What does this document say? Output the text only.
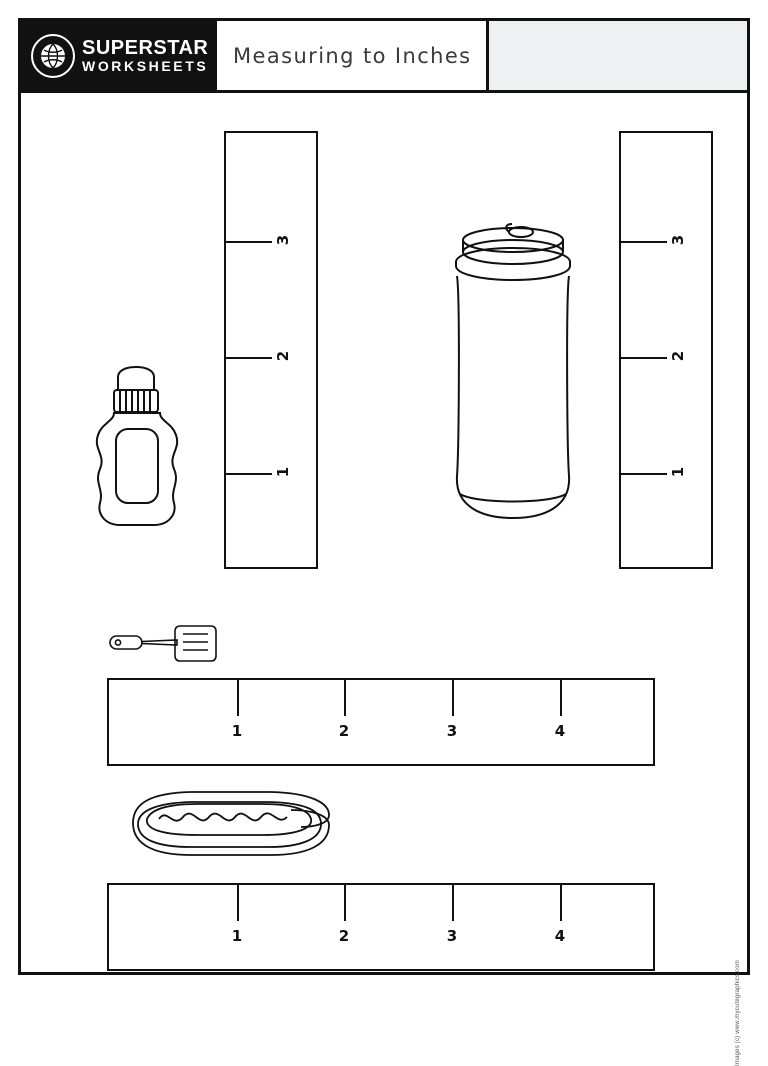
SUPERSTAR
WORKSHEETS Measuring to Inches
1
2
3
1
2
3
1	2	3	4
1	2	3	4
Images (c) www.mycutegraphics.com
